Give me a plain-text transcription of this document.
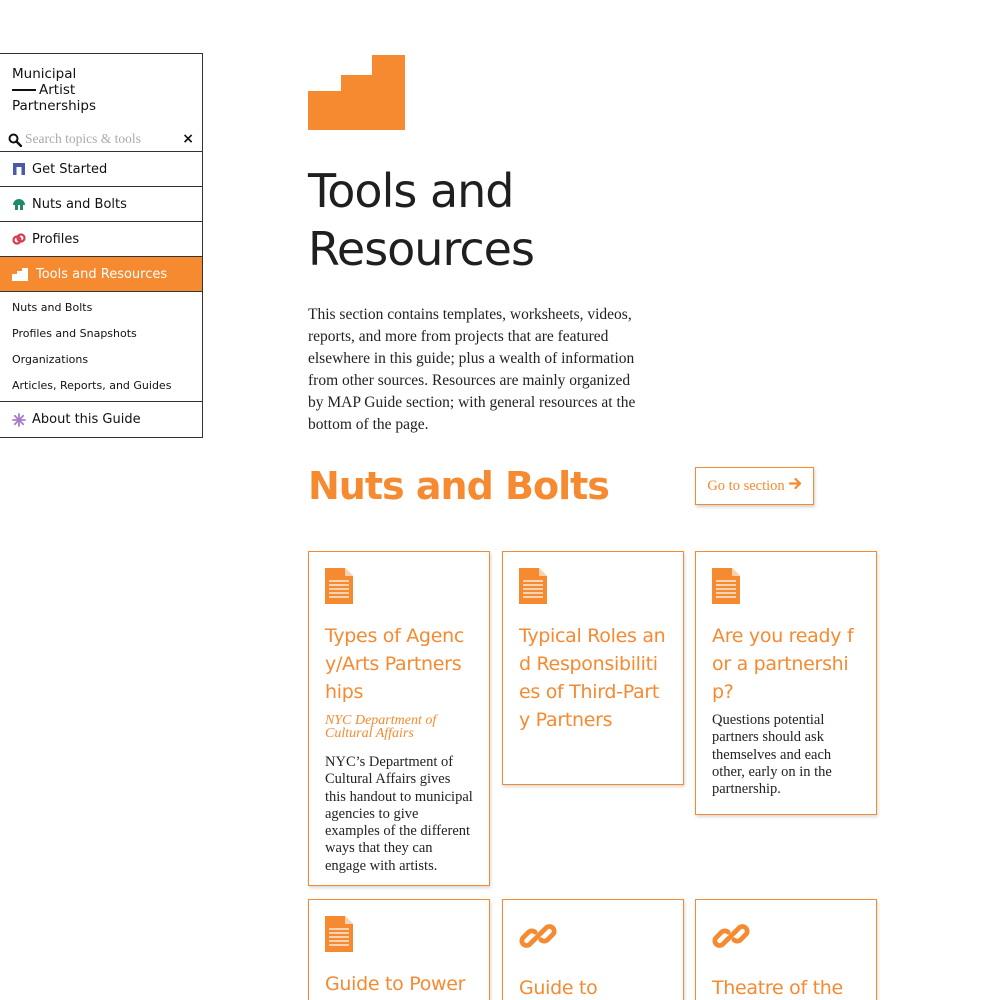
Municipal
Artist
Partnerships
Search topics & tools
×
Get Started
Nuts and Bolts
Profiles
Tools and Resources
Nuts and Bolts
Profiles and Snapshots
Organizations
Articles, Reports, and Guides
About this Guide
Tools and
Resources

This section contains templates, worksheets, videos, reports, and more from projects that are featured elsewhere in this guide; plus a wealth of information from other sources. Resources are mainly organized by MAP Guide section; with general resources at the bottom of the page.

Nuts and Bolts	Go to section
Types of Agency/Arts Partnerships
NYC Department of Cultural Affairs

NYC’s Department of Cultural Affairs gives this handout to municipal agencies to give examples of the different ways that they can engage with artists.

Typical Roles and Responsibilities of Third-Party Partners
Are you ready for a partnership?

Questions potential partners should ask themselves and each other, early on in the partnership.

Guide to Power	Guide to	Theatre of the
